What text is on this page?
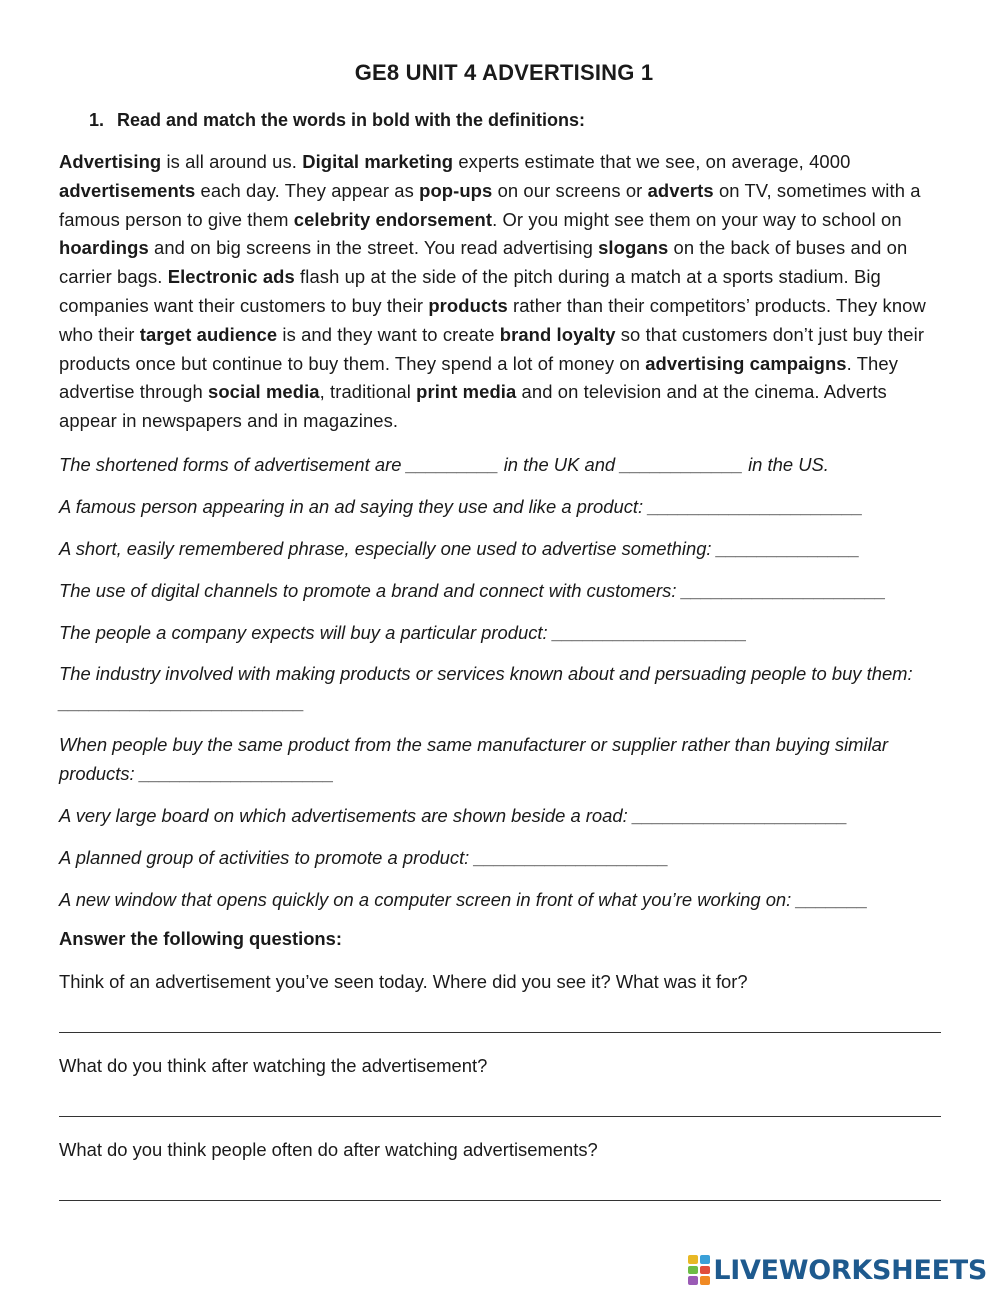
GE8 UNIT 4 ADVERTISING 1
1. Read and match the words in bold with the definitions:
Advertising is all around us. Digital marketing experts estimate that we see, on average, 4000 advertisements each day. They appear as pop-ups on our screens or adverts on TV, sometimes with a famous person to give them celebrity endorsement. Or you might see them on your way to school on hoardings and on big screens in the street. You read advertising slogans on the back of buses and on carrier bags. Electronic ads flash up at the side of the pitch during a match at a sports stadium. Big companies want their customers to buy their products rather than their competitors’ products. They know who their target audience is and they want to create brand loyalty so that customers don’t just buy their products once but continue to buy them. They spend a lot of money on advertising campaigns. They advertise through social media, traditional print media and on television and at the cinema. Adverts appear in newspapers and in magazines.
The shortened forms of advertisement are _________ in the UK and ____________ in the US.
A famous person appearing in an ad saying they use and like a product: _____________________
A short, easily remembered phrase, especially one used to advertise something: ______________
The use of digital channels to promote a brand and connect with customers: ____________________
The people a company expects will buy a particular product: ___________________
The industry involved with making products or services known about and persuading people to buy them: ________________________
When people buy the same product from the same manufacturer or supplier rather than buying similar products: ___________________
A very large board on which advertisements are shown beside a road: _____________________
A planned group of activities to promote a product: ___________________
A new window that opens quickly on a computer screen in front of what you’re working on: _______
Answer the following questions:
Think of an advertisement you’ve seen today. Where did you see it? What was it for?
What do you think after watching the advertisement?
What do you think people often do after watching advertisements?
LIVEWORKSHEETS
